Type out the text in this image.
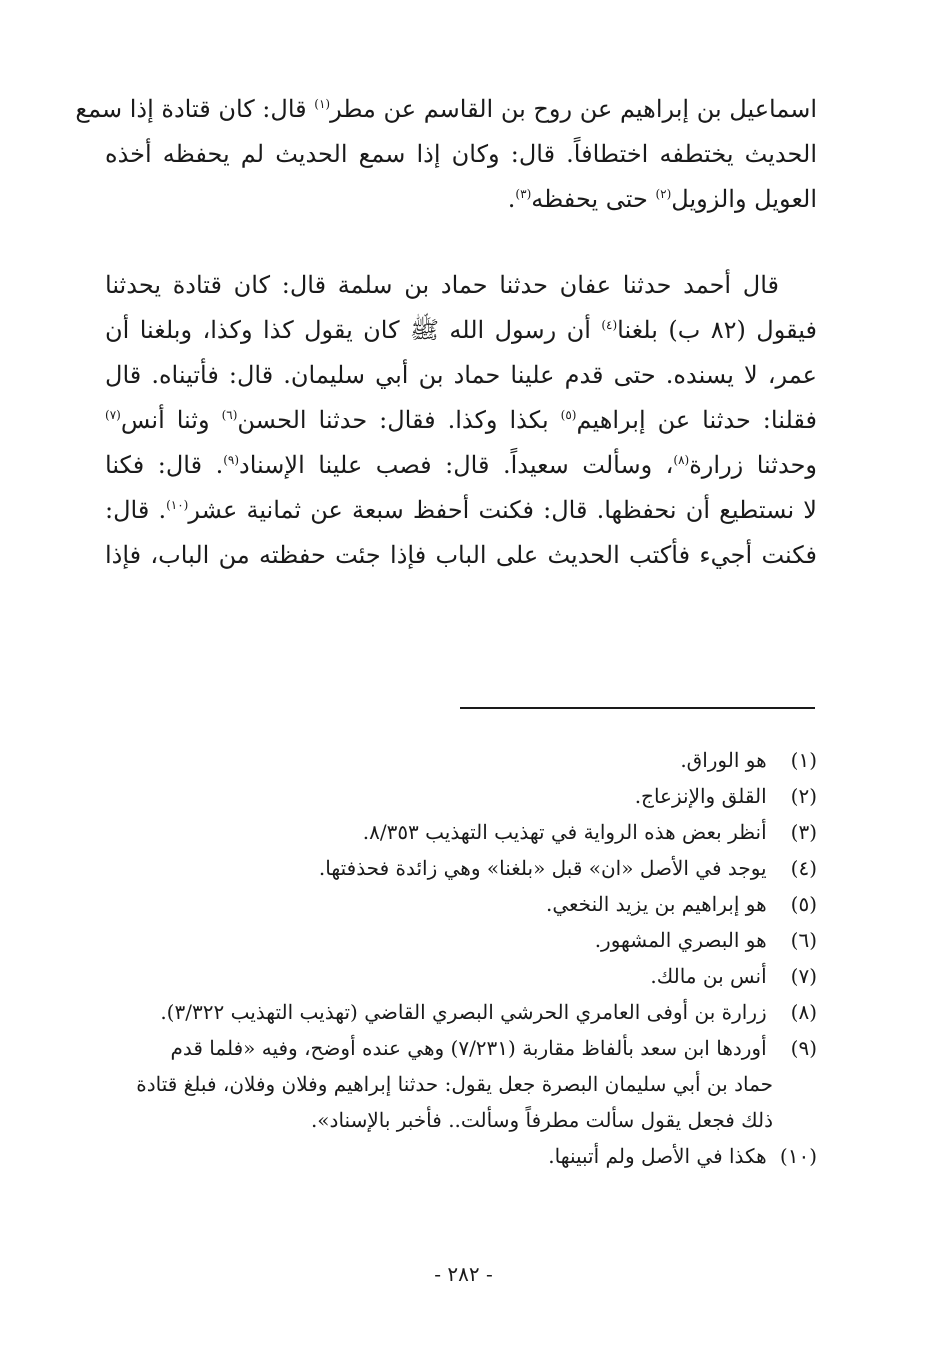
اسماعيل بن إبراهيم عن روح بن القاسم عن مطر$^{(١)}$ قال: كان قتادة إذا سمع
الحديث يختطفه اختطافاً. قال: وكان إذا سمع الحديث لم يحفظه أخذه
العويل والزويل$^{(٢)}$ حتى يحفظه$^{(٣)}$.
قال أحمد حدثنا عفان حدثنا حماد بن سلمة قال: كان قتادة يحدثنا
فيقول (٨٢ ب) بلغنا$^{(٤)}$ أن رسول الله ﷺ كان يقول كذا وكذا، وبلغنا أن
عمر، لا يسنده. حتى قدم علينا حماد بن أبي سليمان. قال: فأتيناه. قال
فقلنا: حدثنا عن إبراهيم$^{(٥)}$ بكذا وكذا. فقال: حدثنا الحسن$^{(٦)}$ وثنا أنس$^{(٧)}$
وحدثنا زرارة$^{(٨)}$، وسألت سعيداً. قال: فصب علينا الإسناد$^{(٩)}$. قال: فكنا
لا نستطيع أن نحفظها. قال: فكنت أحفظ سبعة عن ثمانية عشر$^{(١٠)}$. قال:
فكنت أجيء فأكتب الحديث على الباب فإذا جئت حفظته من الباب، فإذا
(١) هو الوراق.
(٢) القلق والإنزعاج.
(٣) أنظر بعض هذه الرواية في تهذيب التهذيب ٨/٣٥٣.
(٤) يوجد في الأصل «ان» قبل «بلغنا» وهي زائدة فحذفتها.
(٥) هو إبراهيم بن يزيد النخعي.
(٦) هو البصري المشهور.
(٧) أنس بن مالك.
(٨) زرارة بن أوفى العامري الحرشي البصري القاضي (تهذيب التهذيب ٣/٣٢٢).
(٩) أوردها ابن سعد بألفاظ مقاربة (٧/٢٣١) وهي عنده أوضح، وفيه «فلما قدم
حماد بن أبي سليمان البصرة جعل يقول: حدثنا إبراهيم وفلان وفلان، فبلغ قتادة
ذلك فجعل يقول سألت مطرفاً وسألت.. فأخبر بالإسناد».
(١٠) هكذا في الأصل ولم أتبينها.
- ٢٨٢ -
